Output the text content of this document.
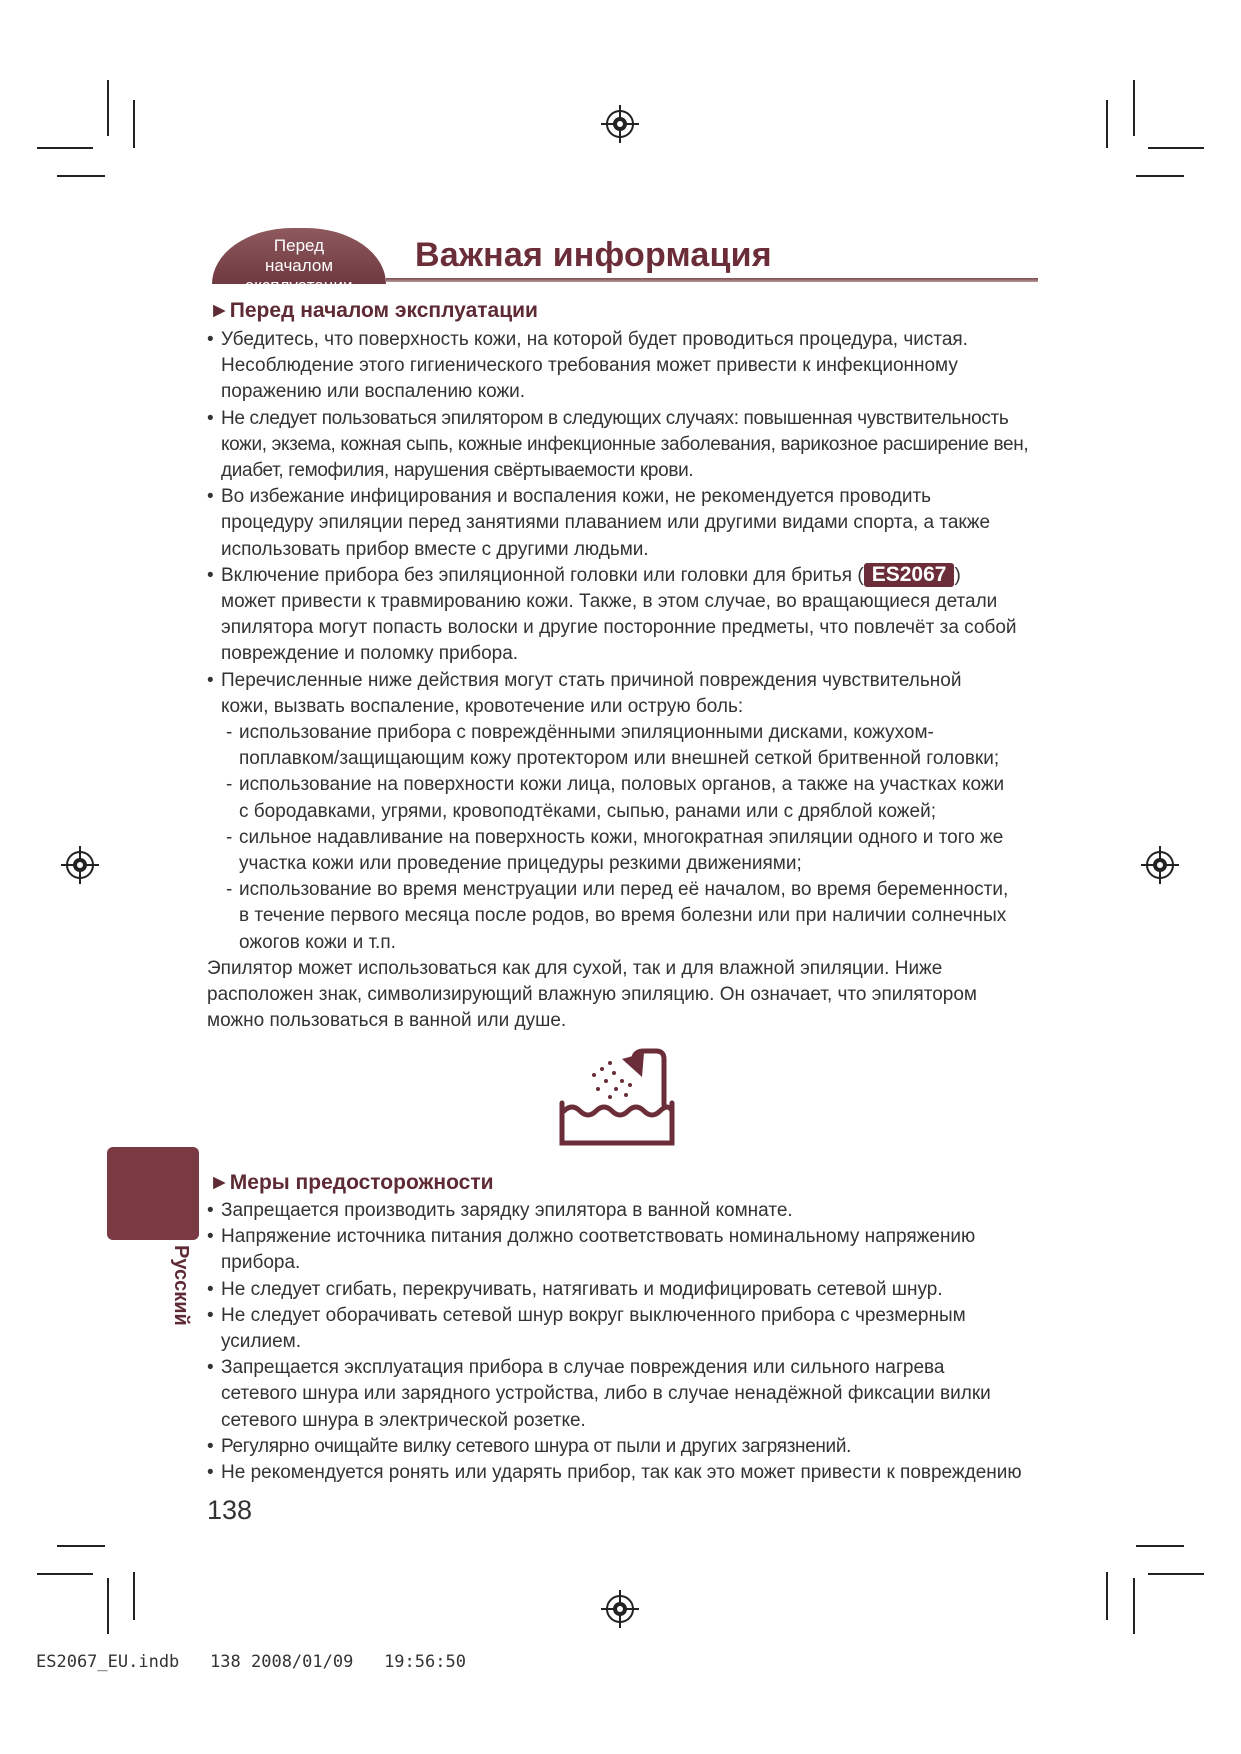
Перед
началом эксплуатации
Важная информация
►Перед началом эксплуатации
• Убедитесь, что поверхность кожи, на которой будет проводиться процедура, чистая.
Несоблюдение этого гигиенического требования может привести к инфекционному
поражению или воспалению кожи.
• Не следует пользоваться эпилятором в следующих случаях: повышенная чувствительность
кожи, экзема, кожная сыпь, кожные инфекционные заболевания, варикозное расширение вен,
диабет, гемофилия, нарушения свёртываемости крови.
• Во избежание инфицирования и воспаления кожи, не рекомендуется проводить
процедуру эпиляции перед занятиями плаванием или другими видами спорта, а также
использовать прибор вместе с другими людьми.
• Включение прибора без эпиляционной головки или головки для бритья ( ES2067 )
может привести к травмированию кожи. Также, в этом случае, во вращающиеся детали
эпилятора могут попасть волоски и другие посторонние предметы, что повлечёт за собой
повреждение и поломку прибора.
• Перечисленные ниже действия могут стать причиной повреждения чувствительной
кожи, вызвать воспаление, кровотечение или острую боль:
- использование прибора с повреждёнными эпиляционными дисками, кожухом-
поплавком/защищающим кожу протектором или внешней сеткой бритвенной головки;
- использование на поверхности кожи лица, половых органов, а также на участках кожи
с бородавками, угрями, кровоподтёками, сыпью, ранами или с дряблой кожей;
- сильное надавливание на поверхность кожи, многократная эпиляции одного и того же
участка кожи или проведение прицедуры резкими движениями;
- использование во время менструации или перед её началом, во время беременности,
в течение первого месяца после родов, во время болезни или при наличии солнечных
ожогов кожи и т.п.
Эпилятор может использоваться как для сухой, так и для влажной эпиляции. Ниже
расположен знак, символизирующий влажную эпиляцию. Он означает, что эпилятором
можно пользоваться в ванной или душе.
Русский
►Меры предосторожности
• Запрещается производить зарядку эпилятора в ванной комнате.
• Напряжение источника питания должно соответствовать номинальному напряжению
прибора.
• Не следует сгибать, перекручивать, натягивать и модифицировать сетевой шнур.
• Не следует оборачивать сетевой шнур вокруг выключенного прибора с чрезмерным
усилием.
• Запрещается эксплуатация прибора в случае повреждения или сильного нагрева
сетевого шнура или зарядного устройства, либо в случае ненадёжной фиксации вилки
сетевого шнура в электрической розетке.
• Регулярно очищайте вилку сетевого шнура от пыли и других загрязнений.
• Не рекомендуется ронять или ударять прибор, так как это может привести к повреждению
138
ES2067_EU.indb 138 2008/01/09 19:56:50
